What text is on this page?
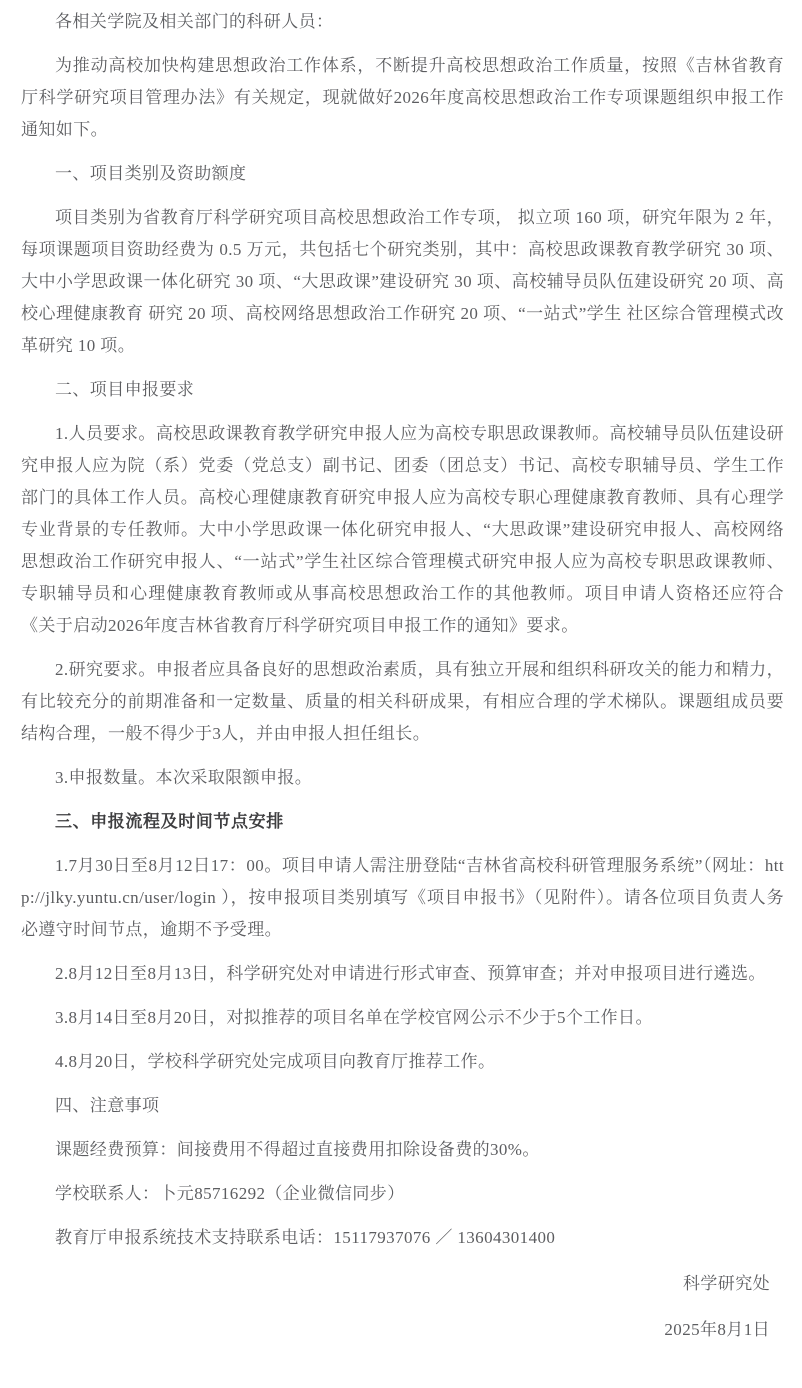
各相关学院及相关部门的科研人员：

为推动高校加快构建思想政治工作体系，不断提升高校思想政治工作质量，按照《吉林省教育厅科学研究项目管理办法》有关规定，现就做好2026年度高校思想政治工作专项课题组织申报工作通知如下。

一、项目类别及资助额度

项目类别为省教育厅科学研究项目高校思想政治工作专项， 拟立项 160 项，研究年限为 2 年，每项课题项目资助经费为 0.5 万元，共包括七个研究类别，其中：高校思政课教育教学研究 30 项、大中小学思政课一体化研究 30 项、“大思政课”建设研究 30 项、高校辅导员队伍建设研究 20 项、高校心理健康教育 研究 20 项、高校网络思想政治工作研究 20 项、“一站式”学生 社区综合管理模式改革研究 10 项。

二、项目申报要求

1.人员要求。高校思政课教育教学研究申报人应为高校专职思政课教师。高校辅导员队伍建设研究申报人应为院（系）党委（党总支）副书记、团委（团总支）书记、高校专职辅导员、学生工作部门的具体工作人员。高校心理健康教育研究申报人应为高校专职心理健康教育教师、具有心理学专业背景的专任教师。大中小学思政课一体化研究申报人、“大思政课”建设研究申报人、高校网络思想政治工作研究申报人、“一站式”学生社区综合管理模式研究申报人应为高校专职思政课教师、专职辅导员和心理健康教育教师或从事高校思想政治工作的其他教师。项目申请人资格还应符合《关于启动2026年度吉林省教育厅科学研究项目申报工作的通知》要求。

2.研究要求。申报者应具备良好的思想政治素质，具有独立开展和组织科研攻关的能力和精力，有比较充分的前期准备和一定数量、质量的相关科研成果，有相应合理的学术梯队。课题组成员要结构合理，一般不得少于3人，并由申报人担任组长。

3.申报数量。本次采取限额申报。

三、申报流程及时间节点安排

1.7月30日至8月12日17：00。项目申请人需注册登陆“吉林省高校科研管理服务系统”（网址：http://jlky.yuntu.cn/user/login ），按申报项目类别填写《项目申报书》（见附件）。请各位项目负责人务必遵守时间节点，逾期不予受理。

2.8月12日至8月13日，科学研究处对申请进行形式审查、预算审查；并对申报项目进行遴选。

3.8月14日至8月20日，对拟推荐的项目名单在学校官网公示不少于5个工作日。

4.8月20日，学校科学研究处完成项目向教育厅推荐工作。

四、注意事项

课题经费预算：间接费用不得超过直接费用扣除设备费的30%。

学校联系人：卜元85716292（企业微信同步）

教育厅申报系统技术支持联系电话：15117937076 ／ 13604301400

科学研究处

2025年8月1日
